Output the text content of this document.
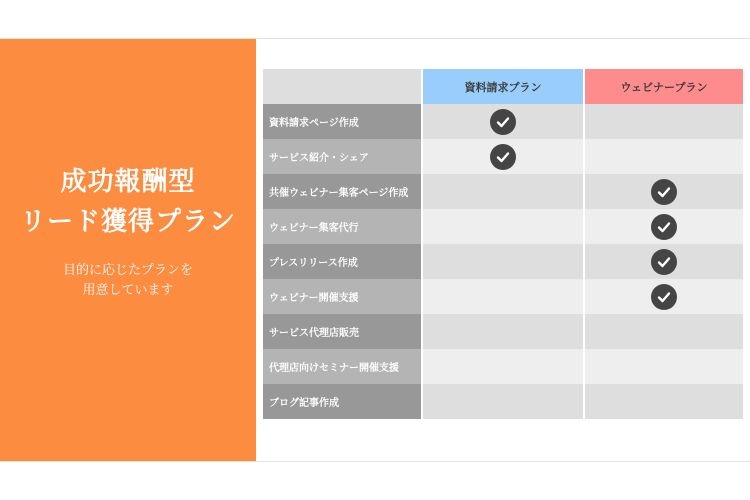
成功報酬型
リード獲得プラン
目的に応じたプランを
用意しています
資料請求プラン	ウェビナープラン
資料請求ページ作成
サービス紹介・シェア
共催ウェビナー集客ページ作成
ウェビナー集客代行
プレスリリース作成
ウェビナー開催支援
サービス代理店販売
代理店向けセミナー開催支援
ブログ記事作成
